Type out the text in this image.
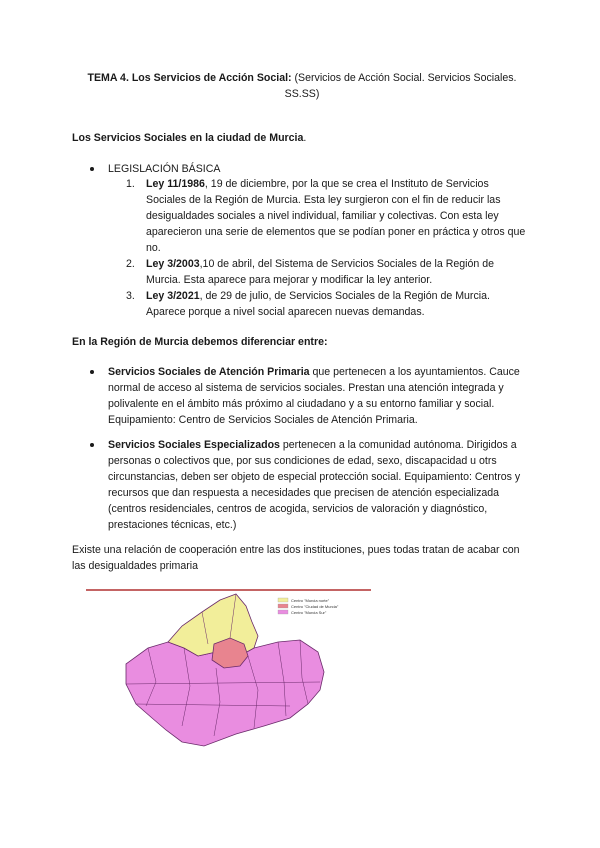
TEMA 4. Los Servicios de Acción Social: (Servicios de Acción Social. Servicios Sociales. SS.SS)
Los Servicios Sociales en la ciudad de Murcia.
LEGISLACIÓN BÁSICA
1. Ley 11/1986, 19 de diciembre, por la que se crea el Instituto de Servicios Sociales de la Región de Murcia. Esta ley surgieron con el fin de reducir las desigualdades sociales a nivel individual, familiar y colectivas. Con esta ley aparecieron una serie de elementos que se podían poner en práctica y otros que no.
2. Ley 3/2003,10 de abril, del Sistema de Servicios Sociales de la Región de Murcia. Esta aparece para mejorar y modificar la ley anterior.
3. Ley 3/2021, de 29 de julio, de Servicios Sociales de la Región de Murcia. Aparece porque a nivel social aparecen nuevas demandas.
En la Región de Murcia debemos diferenciar entre:
Servicios Sociales de Atención Primaria que pertenecen a los ayuntamientos. Cauce normal de acceso al sistema de servicios sociales. Prestan una atención integrada y polivalente en el ámbito más próximo al ciudadano y a su entorno familiar y social. Equipamiento: Centro de Servicios Sociales de Atención Primaria.
Servicios Sociales Especializados pertenecen a la comunidad autónoma. Dirigidos a personas o colectivos que, por sus condiciones de edad, sexo, discapacidad u otrs circunstancias, deben ser objeto de especial protección social. Equipamiento: Centros y recursos que dan respuesta a necesidades que precisen de atención especializada (centros residenciales, centros de acogida, servicios de valoración y diagnóstico, prestaciones técnicas, etc.)
Existe una relación de cooperación entre las dos instituciones, pues todas tratan de acabar con las desigualdades primaria
Centro "Murcia norte"
Centro "Ciudad de Murcia"
Centro "Murcia Sur"
